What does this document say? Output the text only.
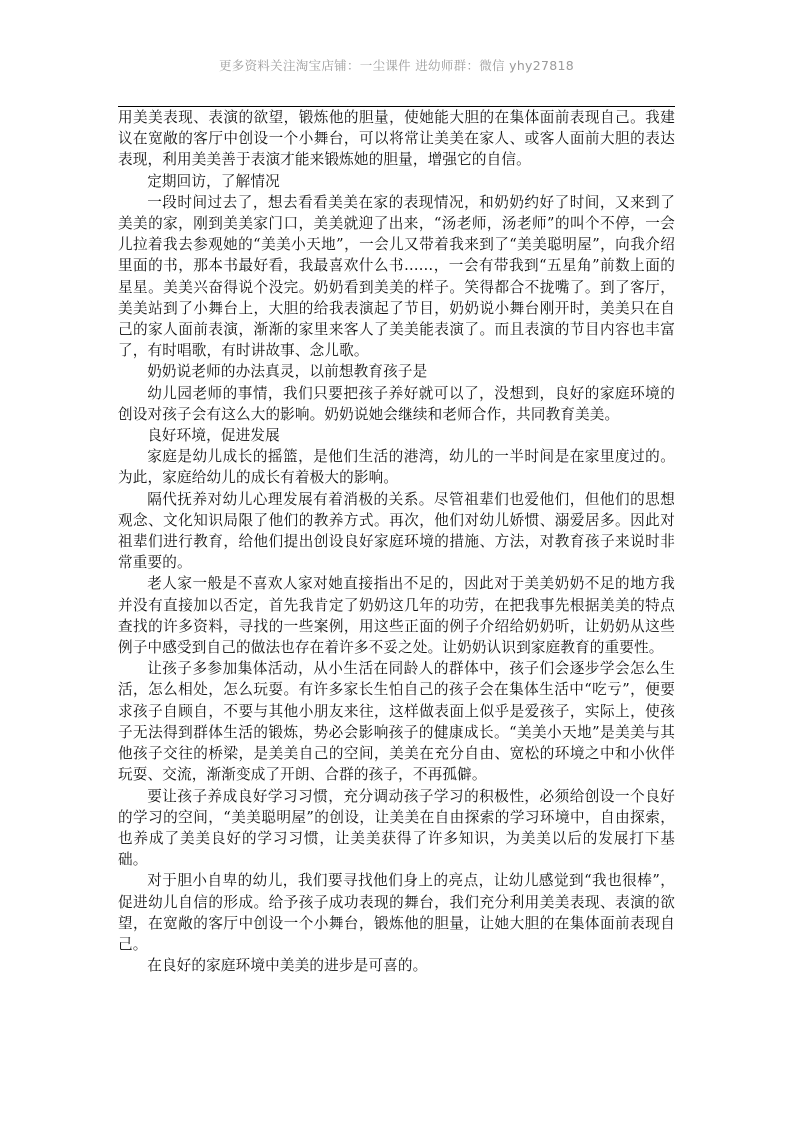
更多资料关注淘宝店铺：一尘课件 进幼师群：微信 yhy27818

用美美表现、表演的欲望，锻炼他的胆量，使她能大胆的在集体面前表现自己。我建议在宽敞的客厅中创设一个小舞台，可以将常让美美在家人、或客人面前大胆的表达表现，利用美美善于表演才能来锻炼她的胆量，增强它的自信。

定期回访，了解情况

一段时间过去了，想去看看美美在家的表现情况，和奶奶约好了时间，又来到了美美的家，刚到美美家门口，美美就迎了出来，“汤老师，汤老师”的叫个不停，一会儿拉着我去参观她的“美美小天地”，一会儿又带着我来到了“美美聪明屋”，向我介绍里面的书，那本书最好看，我最喜欢什么书……，一会有带我到“五星角”前数上面的星星。美美兴奋得说个没完。奶奶看到美美的样子。笑得都合不拢嘴了。到了客厅，美美站到了小舞台上，大胆的给我表演起了节目，奶奶说小舞台刚开时，美美只在自己的家人面前表演，渐渐的家里来客人了美美能表演了。而且表演的节目内容也丰富了，有时唱歌，有时讲故事、念儿歌。

奶奶说老师的办法真灵，以前想教育孩子是

幼儿园老师的事情，我们只要把孩子养好就可以了，没想到，良好的家庭环境的创设对孩子会有这么大的影响。奶奶说她会继续和老师合作，共同教育美美。

良好环境，促进发展

家庭是幼儿成长的摇篮，是他们生活的港湾，幼儿的一半时间是在家里度过的。为此，家庭给幼儿的成长有着极大的影响。

隔代抚养对幼儿心理发展有着消极的关系。尽管祖辈们也爱他们，但他们的思想观念、文化知识局限了他们的教养方式。再次，他们对幼儿娇惯、溺爱居多。因此对祖辈们进行教育，给他们提出创设良好家庭环境的措施、方法，对教育孩子来说时非常重要的。

老人家一般是不喜欢人家对她直接指出不足的，因此对于美美奶奶不足的地方我并没有直接加以否定，首先我肯定了奶奶这几年的功劳，在把我事先根据美美的特点查找的许多资料，寻找的一些案例，用这些正面的例子介绍给奶奶听，让奶奶从这些例子中感受到自己的做法也存在着许多不妥之处。让奶奶认识到家庭教育的重要性。

让孩子多参加集体活动，从小生活在同龄人的群体中，孩子们会逐步学会怎么生活，怎么相处，怎么玩耍。有许多家长生怕自己的孩子会在集体生活中“吃亏”，便要求孩子自顾自，不要与其他小朋友来往，这样做表面上似乎是爱孩子，实际上，使孩子无法得到群体生活的锻炼，势必会影响孩子的健康成长。“美美小天地”是美美与其他孩子交往的桥梁，是美美自己的空间，美美在充分自由、宽松的环境之中和小伙伴玩耍、交流，渐渐变成了开朗、合群的孩子，不再孤僻。

要让孩子养成良好学习习惯，充分调动孩子学习的积极性，必须给创设一个良好的学习的空间，“美美聪明屋”的创设，让美美在自由探索的学习环境中，自由探索，也养成了美美良好的学习习惯，让美美获得了许多知识，为美美以后的发展打下基础。

对于胆小自卑的幼儿，我们要寻找他们身上的亮点，让幼儿感觉到“我也很棒”，促进幼儿自信的形成。给予孩子成功表现的舞台，我们充分利用美美表现、表演的欲望，在宽敞的客厅中创设一个小舞台，锻炼他的胆量，让她大胆的在集体面前表现自己。

在良好的家庭环境中美美的进步是可喜的。
